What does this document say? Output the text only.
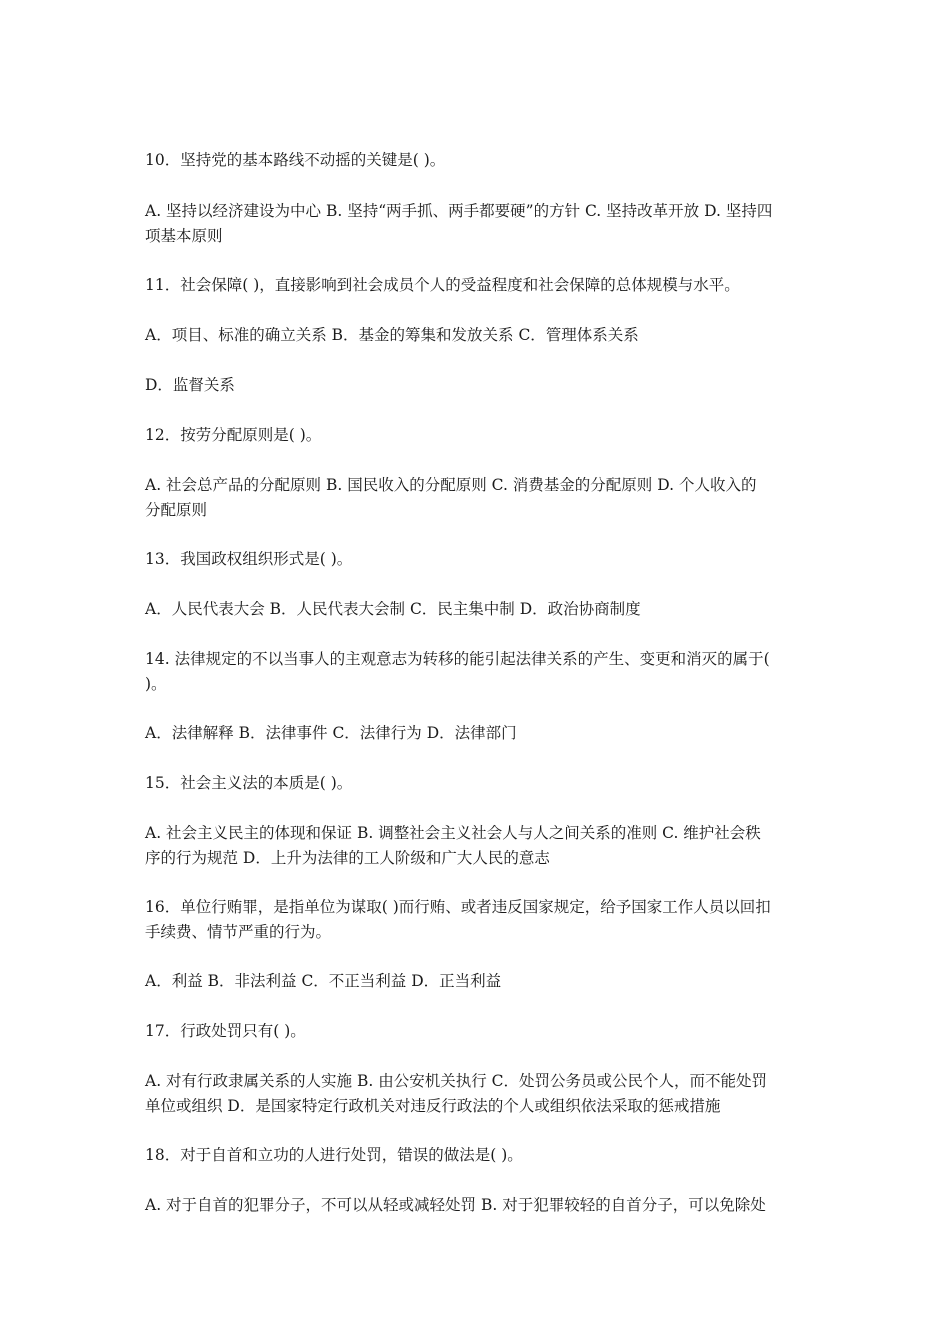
10．坚持党的基本路线不动摇的关键是( )。
A. 坚持以经济建设为中心 B. 坚持“两手抓、两手都要硬”的方针 C. 坚持改革开放 D. 坚持四
项基本原则
11．社会保障( )，直接影响到社会成员个人的受益程度和社会保障的总体规模与水平。
A．项目、标准的确立关系 B．基金的筹集和发放关系 C．管理体系关系
D．监督关系
12．按劳分配原则是( )。
A. 社会总产品的分配原则 B. 国民收入的分配原则 C. 消费基金的分配原则 D. 个人收入的
分配原则
13．我国政权组织形式是( )。
A．人民代表大会 B．人民代表大会制 C．民主集中制 D．政治协商制度
14. 法律规定的不以当事人的主观意志为转移的能引起法律关系的产生、变更和消灭的属于(
)。
A．法律解释 B．法律事件 C．法律行为 D．法律部门
15．社会主义法的本质是( )。
A. 社会主义民主的体现和保证 B. 调整社会主义社会人与人之间关系的准则 C. 维护社会秩
序的行为规范 D．上升为法律的工人阶级和广大人民的意志
16．单位行贿罪，是指单位为谋取( )而行贿、或者违反国家规定，给予国家工作人员以回扣
手续费、情节严重的行为。
A．利益 B．非法利益 C．不正当利益 D．正当利益
17．行政处罚只有( )。
A. 对有行政隶属关系的人实施 B. 由公安机关执行 C．处罚公务员或公民个人，而不能处罚
单位或组织 D．是国家特定行政机关对违反行政法的个人或组织依法采取的惩戒措施
18．对于自首和立功的人进行处罚，错误的做法是( )。
A. 对于自首的犯罪分子，不可以从轻或减轻处罚 B. 对于犯罪较轻的自首分子，可以免除处
